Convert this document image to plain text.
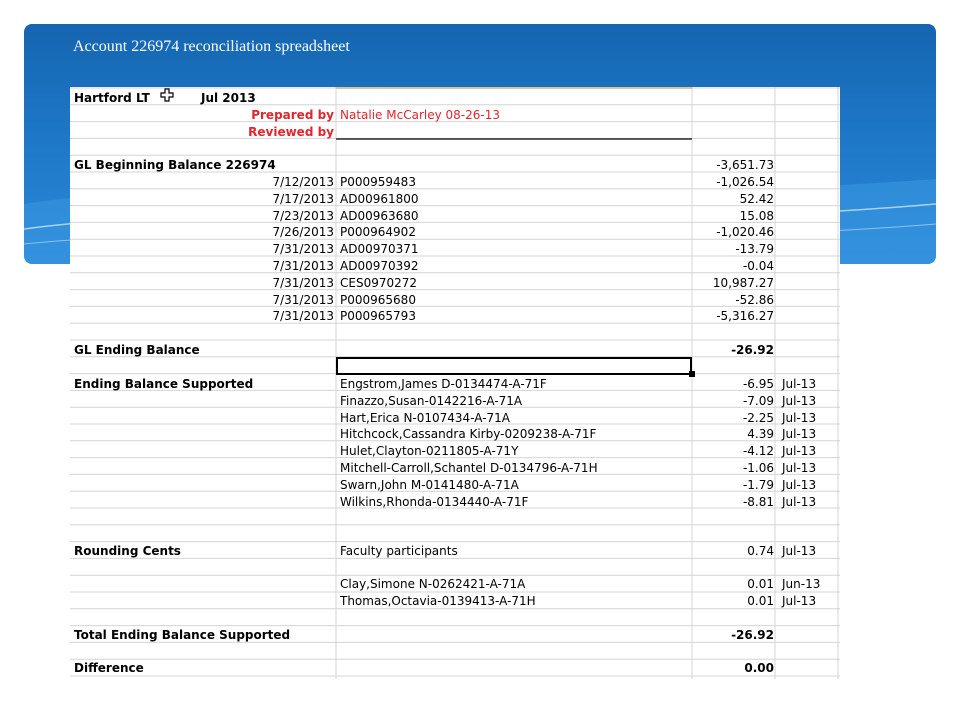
Account 226974 reconciliation spreadsheet
Hartford LT	Jul 2013
Prepared by Natalie McCarley 08-26-13
Reviewed by
GL Beginning Balance 226974	-3,651.73
7/12/2013 P000959483	-1,026.54
7/17/2013 AD00961800	52.42
7/23/2013 AD00963680	15.08
7/26/2013 P000964902	-1,020.46
7/31/2013 AD00970371	-13.79
7/31/2013 AD00970392	-0.04
7/31/2013 CES0970272	10,987.27
7/31/2013 P000965680	-52.86
7/31/2013 P000965793	-5,316.27
GL Ending Balance	-26.92
Ending Balance Supported	Engstrom,James D-0134474-A-71F	-6.95 Jul-13
Finazzo,Susan-0142216-A-71A	-7.09 Jul-13
Hart,Erica N-0107434-A-71A	-2.25 Jul-13
Hitchcock,Cassandra Kirby-0209238-A-71F	4.39 Jul-13
Hulet,Clayton-0211805-A-71Y	-4.12 Jul-13
Mitchell-Carroll,Schantel D-0134796-A-71H	-1.06 Jul-13
Swarn,John M-0141480-A-71A	-1.79 Jul-13
Wilkins,Rhonda-0134440-A-71F	-8.81 Jul-13
Rounding Cents	Faculty participants	0.74 Jul-13
Clay,Simone N-0262421-A-71A	0.01 Jun-13
Thomas,Octavia-0139413-A-71H	0.01 Jul-13
Total Ending Balance Supported	-26.92
Difference	0.00
